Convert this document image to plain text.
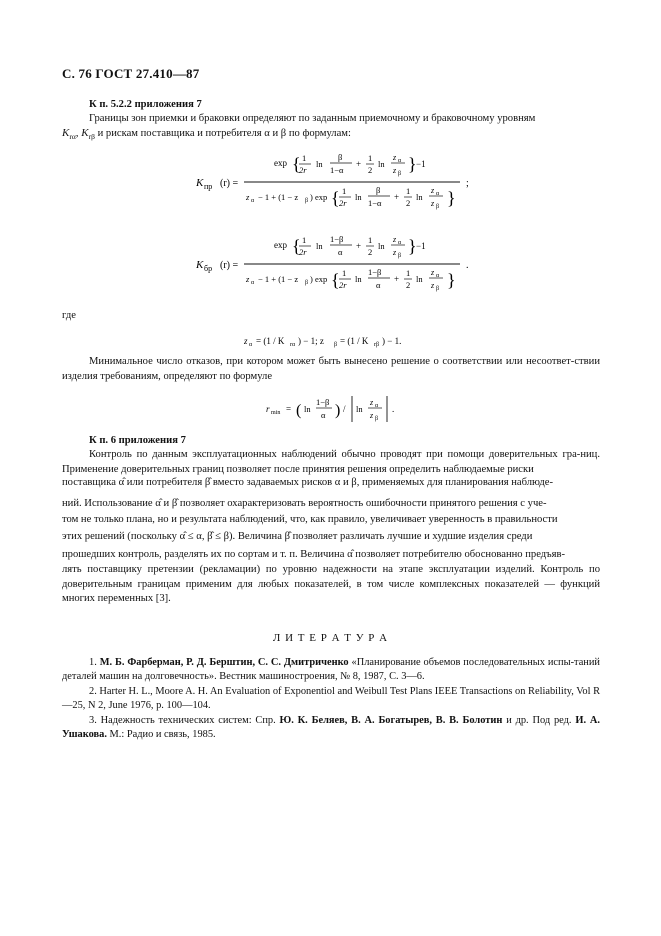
С. 76 ГОСТ 27.410—87
К п. 5.2.2 приложения 7
Границы зон приемки и браковки определяют по заданным приемочному и браковочному уровням
$K_{r\alpha}$, $K_{r\beta}$ и рискам поставщика и потребителя α и β по формулам:
K пр (r) =
exp { 1
2r
ln
β
1−α
+
1
2
ln
z α
z β } −1
z α − 1 + (1 − z β ) exp { 1
2r
ln
β
1−α
+
1
2
ln
z α
z β }
;
K бр (r) =
exp { 1
2r
ln
1−β
α
+
1
2
ln
z α
z β } −1
z α − 1 + (1 − z β ) exp { 1
2r
ln
1−β
α
+
1
2
ln
z α
z β }
.
где
z α = (1 / K rα ) − 1; z β = (1 / K rβ ) − 1.
Минимальное число отказов, при котором может быть вынесено решение о соответствии или несоответ-ствии изделия требованиям, определяют по формуле
r min = ( ln
1−β
α ) / ln
z α
z β
.
К п. 6 приложения 7
Контроль по данным эксплуатационных наблюдений обычно проводят при помощи доверительных гра-ниц. Применение доверительных границ позволяет после принятия решения определить наблюдаемые риски
поставщика α̂ или потребителя β̂ вместо задаваемых рисков α и β, применяемых для планирования наблюде-
ний. Использование α̂ и β̂ позволяет охарактеризовать вероятность ошибочности принятого решения с уче-
том не только плана, но и результата наблюдений, что, как правило, увеличивает уверенность в правильности
этих решений (поскольку α̂ ≤ α, β̂ ≤ β). Величина β̂ позволяет различать лучшие и худшие изделия среди
прошедших контроль, разделять их по сортам и т. п. Величина α̂ позволяет потребителю обоснованно предъяв-
лять поставщику претензии (рекламации) по уровню надежности на этапе эксплуатации изделий. Контроль по доверительным границам применим для любых показателей, в том числе комплексных показателей — функций многих переменных [3].
Л И Т Е Р А Т У Р А
1. М. Б. Фарберман, Р. Д. Берштин, С. С. Дмитриченко «Планирование объемов последовательных испы-таний деталей машин на долговечность». Вестник машиностроения, № 8, 1987, С. 3—6.
2. Harter H. L., Moore A. H. An Evaluation of Exponentiol and Weibull Test Plans IEEE Transactions on Reliability, Vol R—25, N 2, June 1976, p. 100—104.
3. Надежность технических систем: Спр. Ю. К. Беляев, В. А. Богатырев, В. В. Болотин и др. Под ред. И. А. Ушакова. М.: Радио и связь, 1985.
